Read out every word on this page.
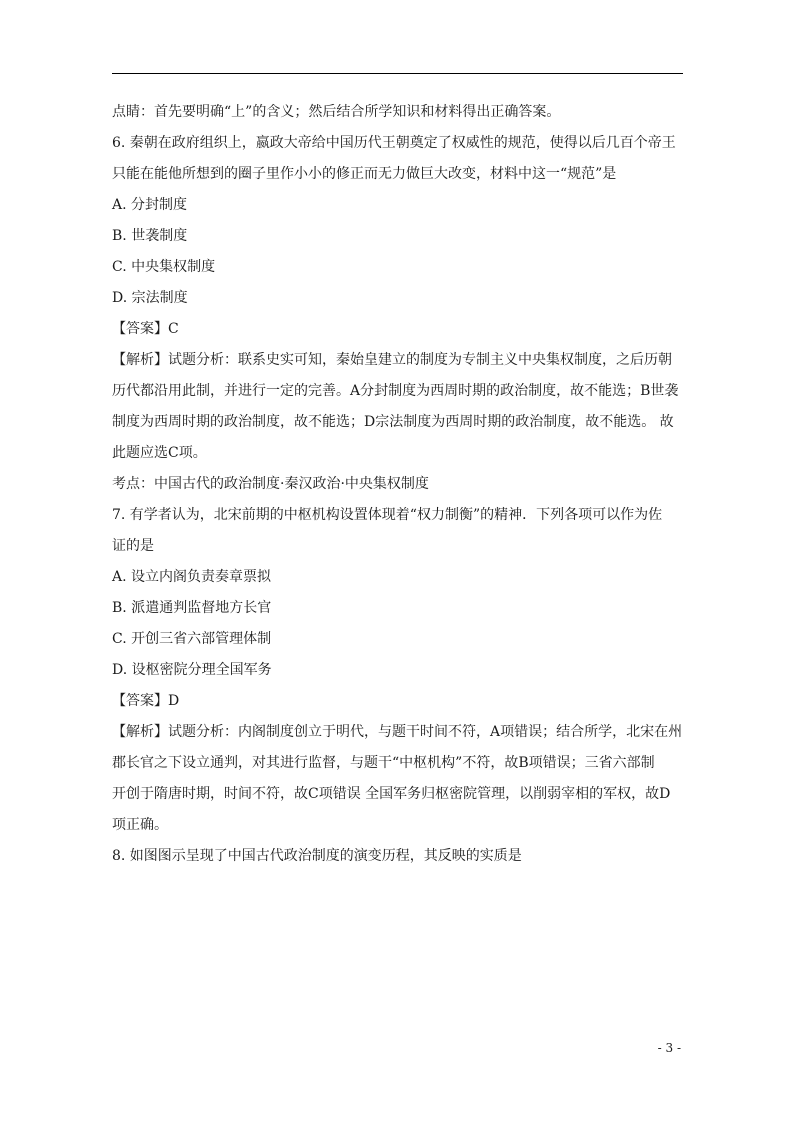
点睛：首先要明确“上”的含义；然后结合所学知识和材料得出正确答案。
6. 秦朝在政府组织上，嬴政大帝给中国历代王朝奠定了权威性的规范，使得以后几百个帝王
只能在能他所想到的圈子里作小小的修正而无力做巨大改变，材料中这一“规范”是
A. 分封制度
B. 世袭制度
C. 中央集权制度
D. 宗法制度
【答案】C
【解析】试题分析：联系史实可知，秦始皇建立的制度为专制主义中央集权制度，之后历朝
历代都沿用此制，并进行一定的完善。A分封制度为西周时期的政治制度，故不能选；B世袭
制度为西周时期的政治制度，故不能选；D宗法制度为西周时期的政治制度，故不能选。 故
此题应选C项。
考点：中国古代的政治制度·秦汉政治·中央集权制度
7. 有学者认为，北宋前期的中枢机构设置体现着“权力制衡”的精神．下列各项可以作为佐
证的是
A. 设立内阁负责奏章票拟
B. 派遣通判监督地方长官
C. 开创三省六部管理体制
D. 设枢密院分理全国军务
【答案】D
【解析】试题分析：内阁制度创立于明代，与题干时间不符，A项错误；结合所学，北宋在州
郡长官之下设立通判，对其进行监督，与题干“中枢机构”不符，故B项错误；三省六部制
开创于隋唐时期，时间不符，故C项错误 全国军务归枢密院管理，以削弱宰相的军权，故D
项正确。
8. 如图图示呈现了中国古代政治制度的演变历程，其反映的实质是
- 3 -
